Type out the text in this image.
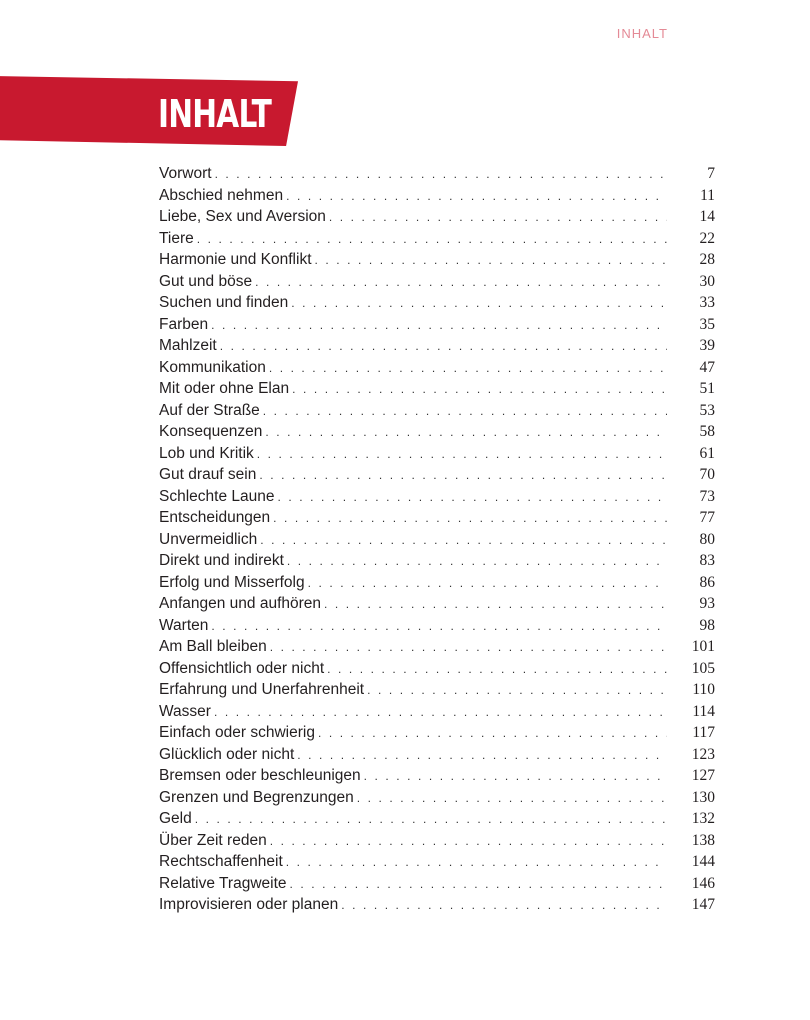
INHALT
INHALT
Vorwort . . .	7
Abschied nehmen . . .	11
Liebe, Sex und Aversion . . .	14
Tiere . . .	22
Harmonie und Konflikt . . .	28
Gut und böse . . .	30
Suchen und finden . . .	33
Farben . . .	35
Mahlzeit . . .	39
Kommunikation . . .	47
Mit oder ohne Elan . . .	51
Auf der Straße . . .	53
Konsequenzen . . .	58
Lob und Kritik . . .	61
Gut drauf sein . . .	70
Schlechte Laune . . .	73
Entscheidungen . . .	77
Unvermeidlich . . .	80
Direkt und indirekt . . .	83
Erfolg und Misserfolg . . .	86
Anfangen und aufhören . . .	93
Warten . . .	98
Am Ball bleiben . . .	101
Offensichtlich oder nicht . . .	105
Erfahrung und Unerfahrenheit . . .	110
Wasser . . .	114
Einfach oder schwierig . . .	117
Glücklich oder nicht . . .	123
Bremsen oder beschleunigen . . .	127
Grenzen und Begrenzungen . . .	130
Geld . . .	132
Über Zeit reden . . .	138
Rechtschaffenheit . . .	144
Relative Tragweite . . .	146
Improvisieren oder planen . . .	147
